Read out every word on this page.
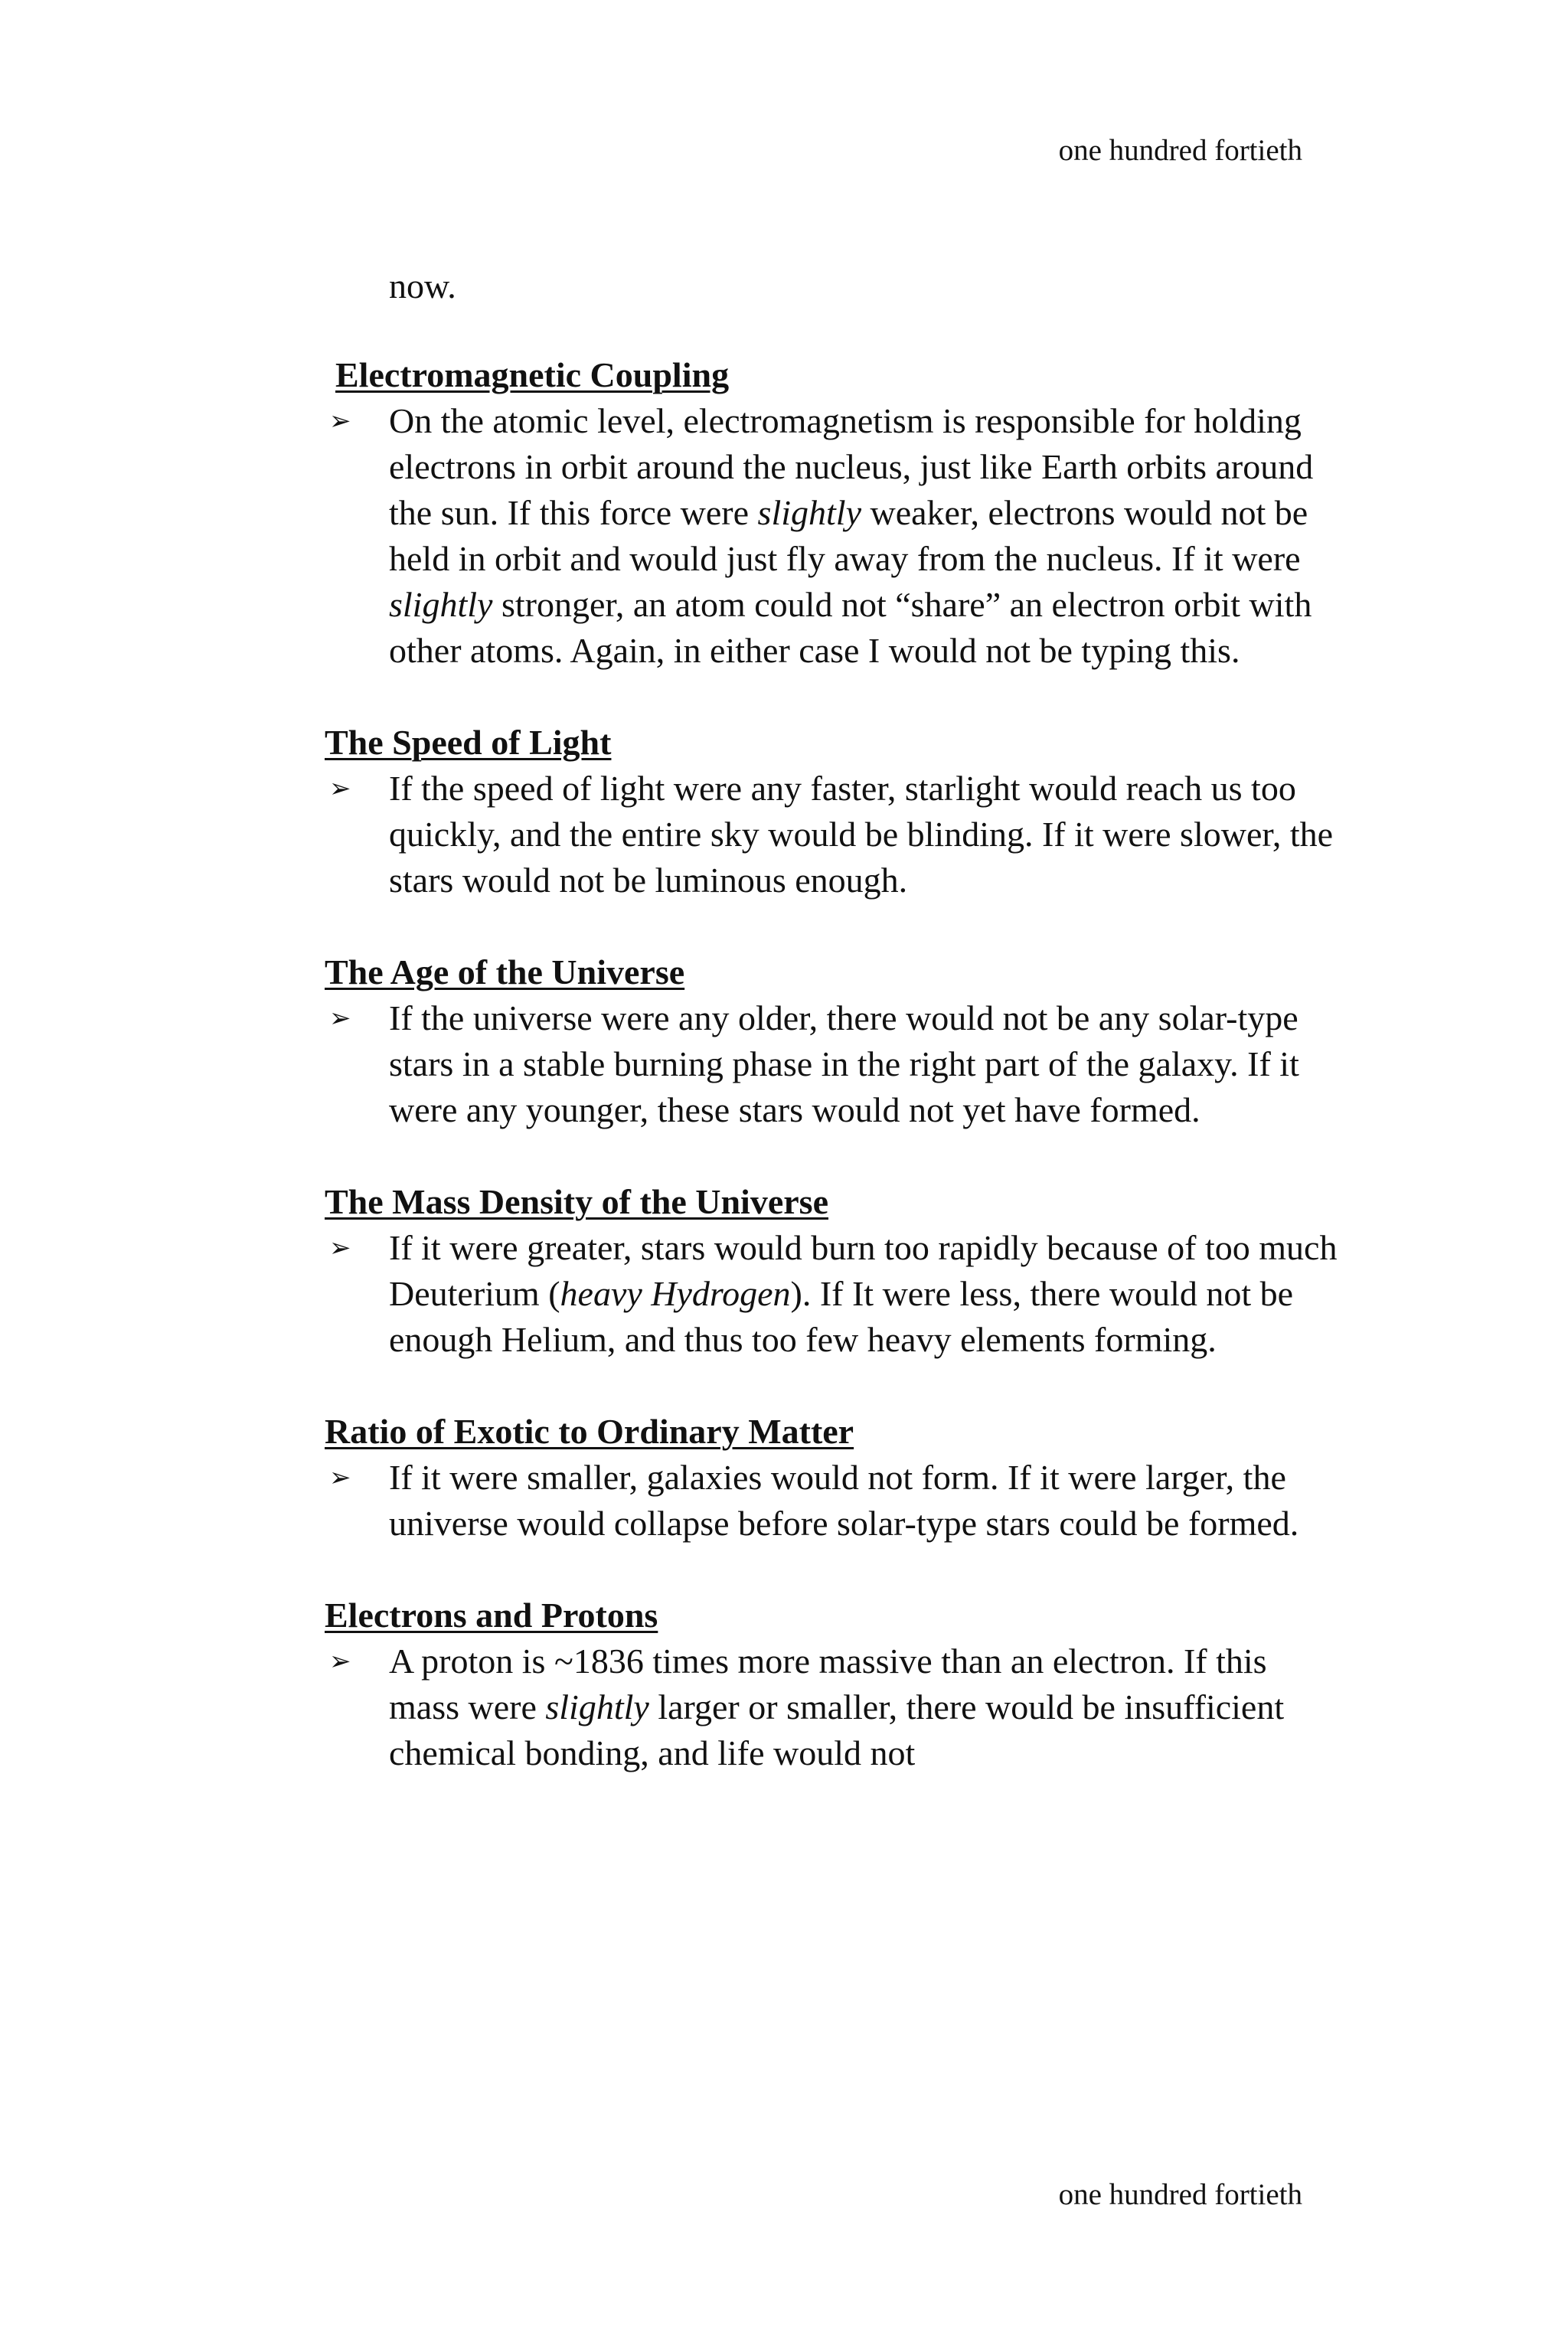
one hundred fortieth

now.

Electromagnetic Coupling

➢ On the atomic level, electromagnetism is responsible for holding electrons in orbit around the nucleus, just like Earth orbits around the sun. If this force were slightly weaker, electrons would not be held in orbit and would just fly away from the nucleus. If it were slightly stronger, an atom could not “share” an electron orbit with other atoms. Again, in either case I would not be typing this.

The Speed of Light

➢ If the speed of light were any faster, starlight would reach us too quickly, and the entire sky would be blinding. If it were slower, the stars would not be luminous enough.

The Age of the Universe

➢ If the universe were any older, there would not be any solar-type stars in a stable burning phase in the right part of the galaxy. If it were any younger, these stars would not yet have formed.

The Mass Density of the Universe

➢ If it were greater, stars would burn too rapidly because of too much Deuterium (heavy Hydrogen). If It were less, there would not be enough Helium, and thus too few heavy elements forming.

Ratio of Exotic to Ordinary Matter

➢ If it were smaller, galaxies would not form. If it were larger, the universe would collapse before solar-type stars could be formed.

Electrons and Protons

➢ A proton is ~1836 times more massive than an electron. If this mass were slightly larger or smaller, there would be insufficient chemical bonding, and life would not

one hundred fortieth
